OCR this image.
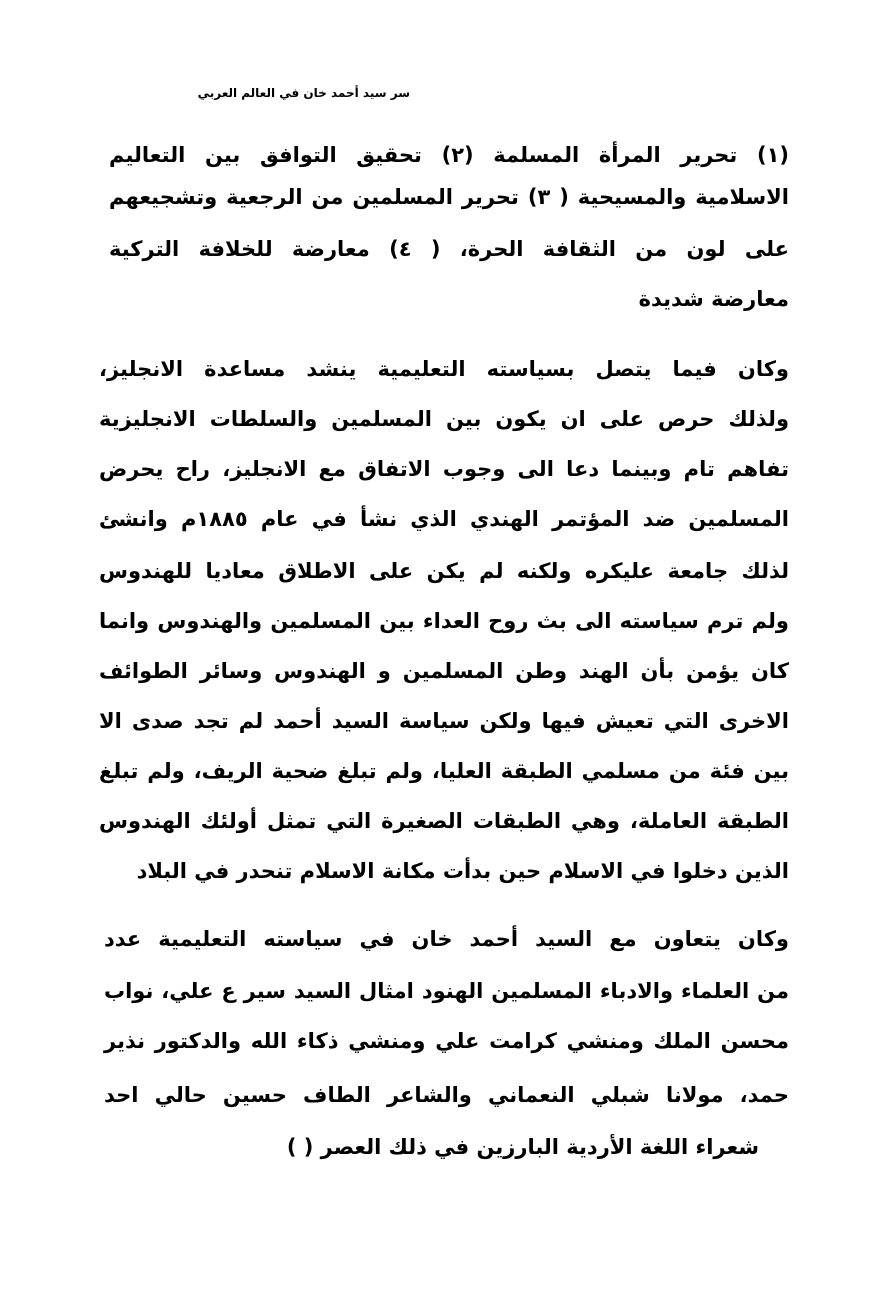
سر سيد أحمد خان في العالم العربي
(١) تحرير المرأة المسلمة (٢) تحقيق التوافق بين التعاليم
الاسلامية والمسيحية ( ٣) تحرير المسلمين من الرجعية وتشجيعهم
على لون من الثقافة الحرة، ( ٤) معارضة للخلافة التركية
معارضة شديدة
وكان فيما يتصل بسياسته التعليمية ينشد مساعدة الانجليز،
ولذلك حرص على ان يكون بين المسلمين والسلطات الانجليزية
تفاهم تام وبينما دعا الى وجوب الاتفاق مع الانجليز، راح يحرض
المسلمين ضد المؤتمر الهندي الذي نشأ في عام ١٨٨٥م وانشئ
لذلك جامعة عليكره ولكنه لم يكن على الاطلاق معاديا للهندوس
ولم ترم سياسته الى بث روح العداء بين المسلمين والهندوس وانما
كان يؤمن بأن الهند وطن المسلمين و الهندوس وسائر الطوائف
الاخرى التي تعيش فيها ولكن سياسة السيد أحمد لم تجد صدى الا
بين فئة من مسلمي الطبقة العليا، ولم تبلغ ضحية الريف، ولم تبلغ
الطبقة العاملة، وهي الطبقات الصغيرة التي تمثل أولئك الهندوس
الذين دخلوا في الاسلام حين بدأت مكانة الاسلام تنحدر في البلاد
وكان يتعاون مع السيد أحمد خان في سياسته التعليمية عدد
من العلماء والادباء المسلمين الهنود امثال السيد سير ع علي، نواب
محسن الملك ومنشي كرامت علي ومنشي ذكاء الله والدكتور نذير
حمد، مولانا شبلي النعماني والشاعر الطاف حسين حالي احد
شعراء اللغة الأردية البارزين في ذلك العصر ( )
